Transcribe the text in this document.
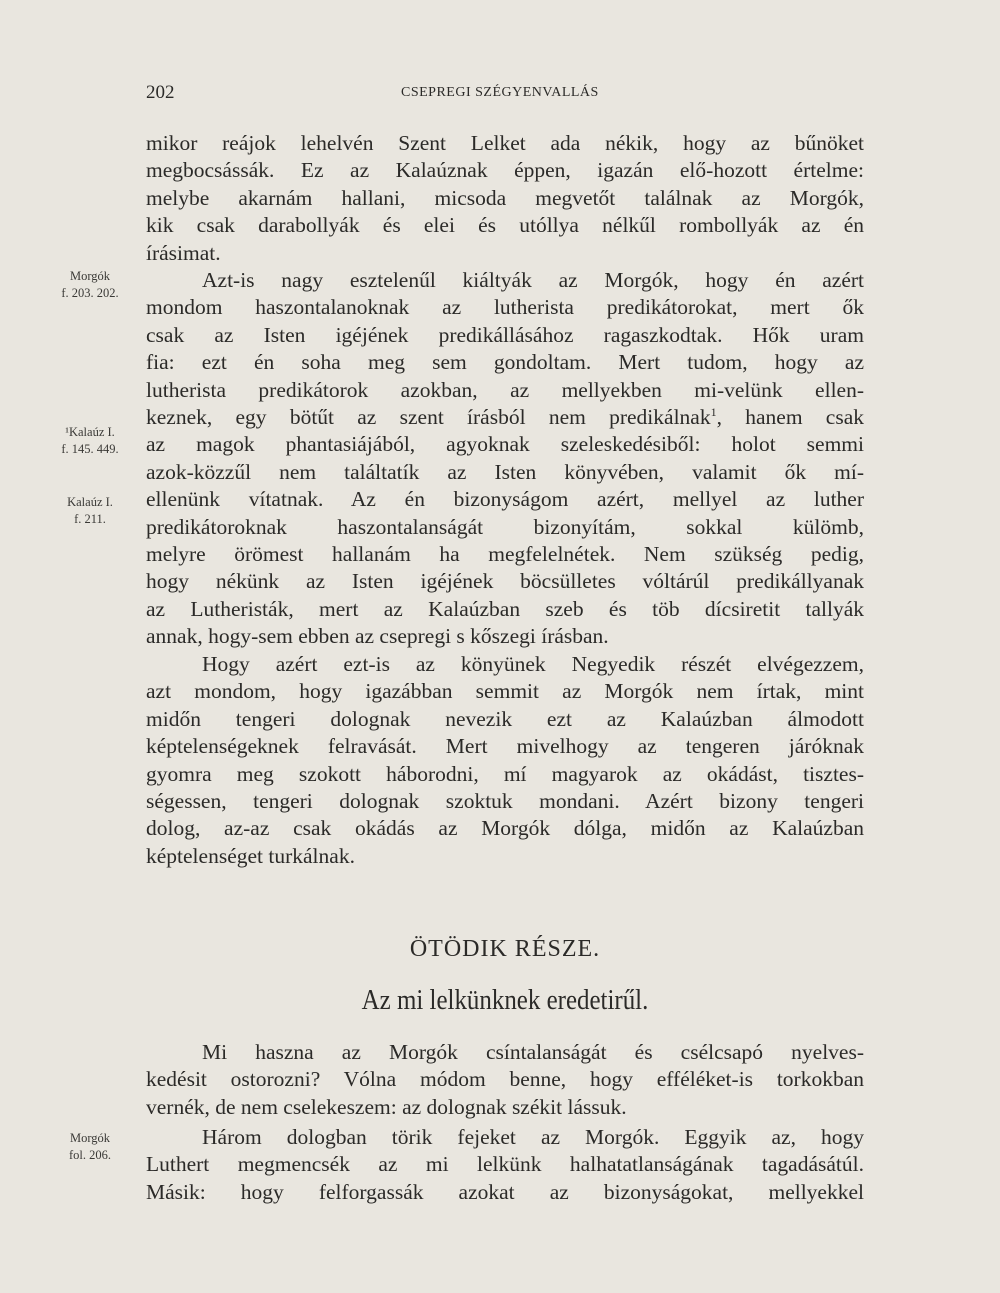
202	CSEPREGI SZÉGYENVALLÁS
Morgók
f. 203. 202.
¹Kalaúz I.
f. 145. 449.
Kalaúz I.
f. 211.
Morgók
fol. 206.
mikor reájok lehelvén Szent Lelket ada nékik, hogy az bűnöket
megbocsássák. Ez az Kalaúznak éppen, igazán elő-hozott értelme:
melybe akarnám hallani, micsoda megvetőt találnak az Morgók,
kik csak darabollyák és elei és utóllya nélkűl rombollyák az én
írásimat.
Azt-is nagy esztelenűl kiáltyák az Morgók, hogy én azért
mondom haszontalanoknak az lutherista predikátorokat, mert ők
csak az Isten igéjének predikállásához ragaszkodtak. Hők uram
fia: ezt én soha meg sem gondoltam. Mert tudom, hogy az
lutherista predikátorok azokban, az mellyekben mi-velünk ellen-
keznek, egy bötűt az szent írásból nem predikálnak$^1$, hanem csak
az magok phantasiájából, agyoknak szeleskedésiből: holot semmi
azok-közzűl nem találtatík az Isten könyvében, valamit ők mí-
ellenünk vítatnak. Az én bizonyságom azért, mellyel az luther
predikátoroknak haszontalanságát bizonyítám, sokkal külömb,
melyre örömest hallanám ha megfelelnétek. Nem szükség pedig,
hogy nékünk az Isten igéjének böcsülletes vóltárúl predikállyanak
az Lutheristák, mert az Kalaúzban szeb és töb dícsiretit tallyák
annak, hogy-sem ebben az csepregi s kőszegi írásban.
Hogy azért ezt-is az könyünek Negyedik részét elvégezzem,
azt mondom, hogy igazábban semmit az Morgók nem írtak, mint
midőn tengeri dolognak nevezik ezt az Kalaúzban álmodott
képtelenségeknek felravását. Mert mivelhogy az tengeren járóknak
gyomra meg szokott háborodni, mí magyarok az okádást, tisztes-
ségessen, tengeri dolognak szoktuk mondani. Azért bizony tengeri
dolog, az-az csak okádás az Morgók dólga, midőn az Kalaúzban
képtelenséget turkálnak.
ÖTÖDIK RÉSZE.
Az mi lelkünknek eredetirűl.
Mi haszna az Morgók csíntalanságát és csélcsapó nyelves-
kedésit ostorozni? Vólna módom benne, hogy efféléket-is torkokban
vernék, de nem cselekeszem: az dolognak székit lássuk.
Három dologban törik fejeket az Morgók. Eggyik az, hogy
Luthert megmencsék az mi lelkünk halhatatlanságának tagadásátúl.
Másik: hogy felforgassák azokat az bizonyságokat, mellyekkel
